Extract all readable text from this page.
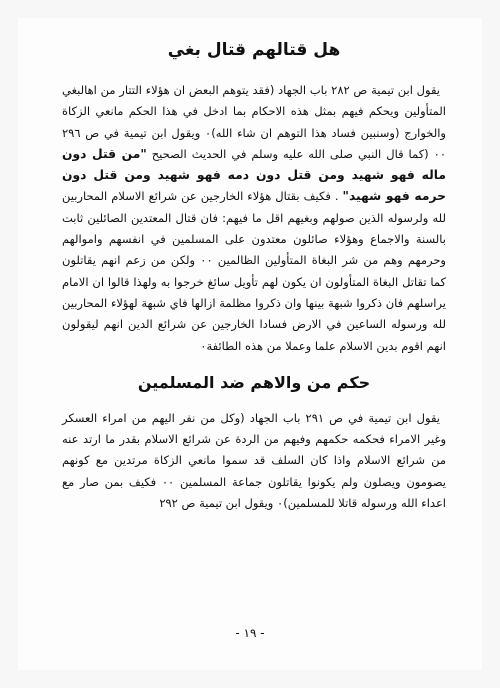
هل قتالهم قتال بغي

يقول ابن تيمية ص ٢٨٢ باب الجهاد (فقد يتوهم البعض ان هؤلاء التتار من اهالبغي المتأولين ويحكم فيهم بمثل هذه الاحكام بما ادخل في هذا الحكم مانعي الزكاة والخوارج (وسنبين فساد هذا التوهم ان شاء الله)٠ ويقول ابن تيمية في ص ٢٩٦ ٠٠ (كما قال النبي صلى الله عليه وسلم في الحديث الصحيح "من قتل دون ماله فهو شهيد ومن قتل دون دمه فهو شهيد ومن قتل دون حرمه فهو شهيد" . فكيف بقتال هؤلاء الخارجين عن شرائع الاسلام المحاربين لله ولرسوله الذين صولهم وبغيهم اقل ما فيهم: فان قتال المعتدين الصائلين ثابت بالسنة والاجماع وهؤلاء صائلون معتدون على المسلمين في انفسهم واموالهم وحرمهم وهم من شر البغاة المتأولين الظالمين ٠٠ ولكن من زعم انهم يقاتلون كما تقاتل البغاة المتأولون ان يكون لهم تأويل سائغ خرجوا به ولهذا قالوا ان الامام يراسلهم فان ذكروا شبهة بينها وان ذكروا مظلمة ازالها فاي شبهة لهؤلاء المحاربين لله ورسوله الساعين في الارض فسادا الخارجين عن شرائع الدين انهم ليقولون انهم اقوم بدين الاسلام علما وعملا من هذه الطائفة٠

حكم من والاهم ضد المسلمين

يقول ابن تيمية في ص ٢٩١ باب الجهاد (وكل من نفر اليهم من امراء العسكر وغير الامراء فحكمه حكمهم وفيهم من الردة عن شرائع الاسلام بقدر ما ارتد عنه من شرائع الاسلام واذا كان السلف قد سموا مانعي الزكاة مرتدين مع كونهم يصومون ويصلون ولم يكونوا يقاتلون جماعة المسلمين ٠٠ فكيف بمن صار مع اعداء الله ورسوله قاتلا للمسلمين)٠ ويقول ابن تيمية ص ٢٩٢

- ١٩ -
